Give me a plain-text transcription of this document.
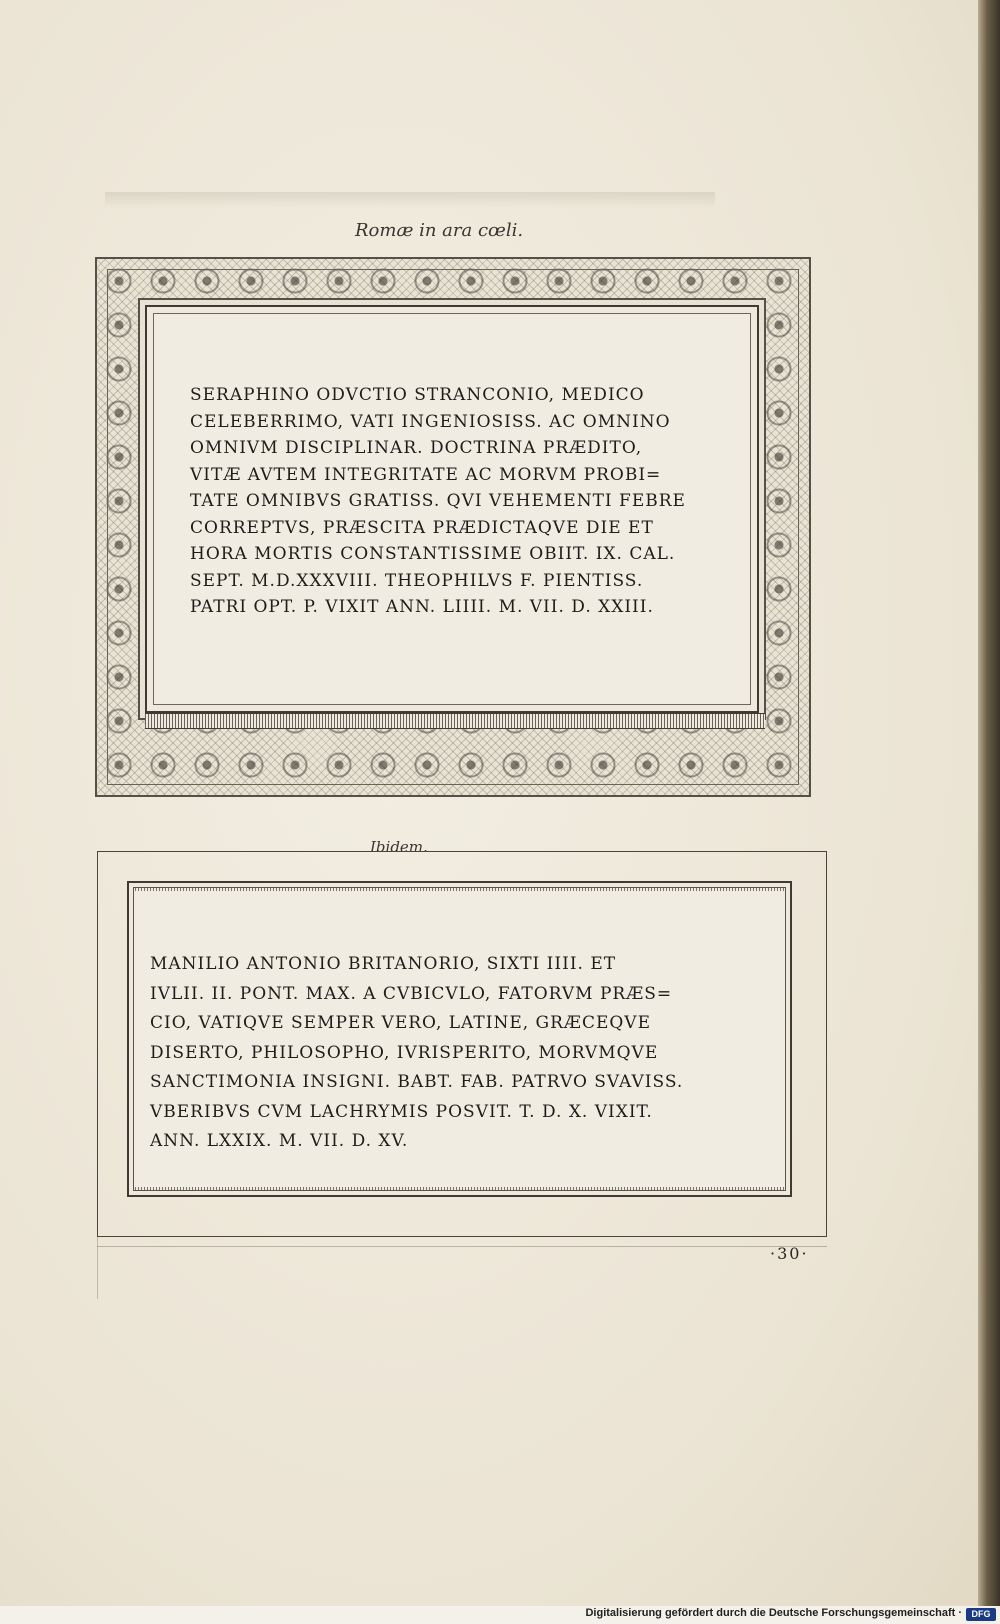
Romæ in ara cœli.
SERAPHINO ODVCTIO STRANCONIO, MEDICO
CELEBERRIMO, VATI INGENIOSISS. AC OMNINO
OMNIVM DISCIPLINAR. DOCTRINA PRÆDITO,
VITÆ AVTEM INTEGRITATE AC MORVM PROBI=
TATE OMNIBVS GRATISS. QVI VEHEMENTI FEBRE
CORREPTVS, PRÆSCITA PRÆDICTAQVE DIE ET
HORA MORTIS CONSTANTISSIME OBIIT. IX. CAL.
SEPT. M.D.XXXVIII. THEOPHILVS F. PIENTISS.
PATRI OPT. P. VIXIT ANN. LIIII. M. VII. D. XXIII.
Ibidem.
MANILIO ANTONIO BRITANORIO, SIXTI IIII. ET
IVLII. II. PONT. MAX. A CVBICVLO, FATORVM PRÆS=
CIO, VATIQVE SEMPER VERO, LATINE, GRÆCEQVE
DISERTO, PHILOSOPHO, IVRISPERITO, MORVMQVE
SANCTIMONIA INSIGNI. BABT. FAB. PATRVO SVAVISS.
VBERIBVS CVM LACHRYMIS POSVIT. T. D. X. VIXIT.
ANN. LXXIX. M. VII. D. XV.
·30·
Digitalisierung gefördert durch die Deutsche Forschungsgemeinschaft ·	DFG
